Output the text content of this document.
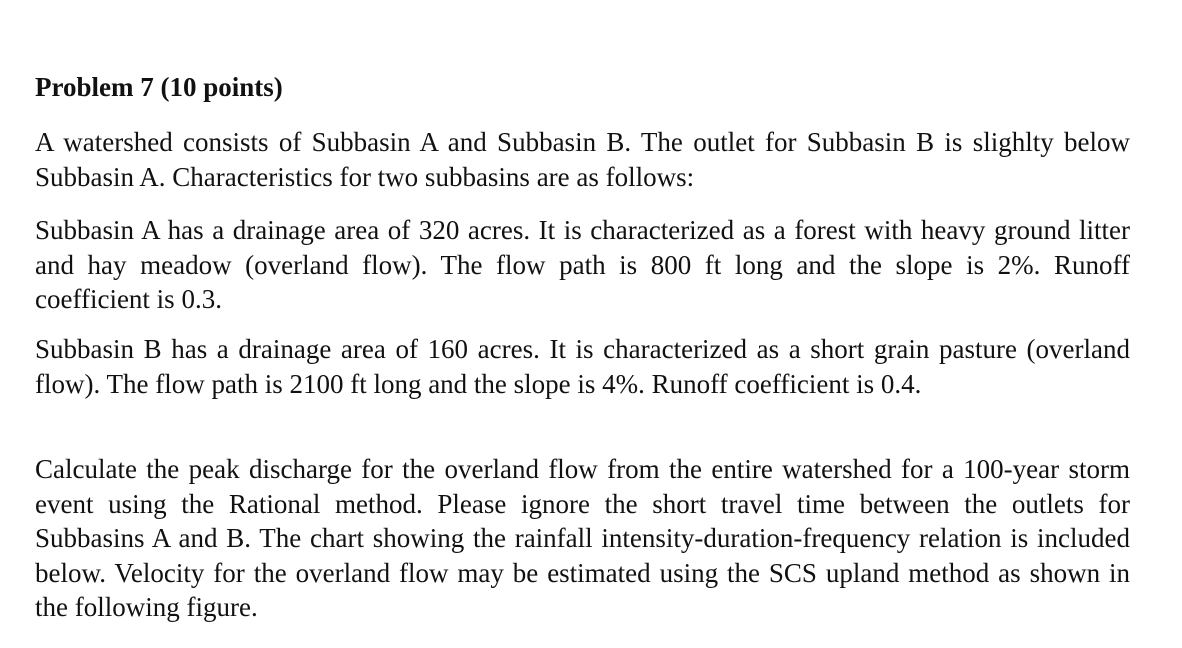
Problem 7 (10 points)

A watershed consists of Subbasin A and Subbasin B. The outlet for Subbasin B is slighlty below Subbasin A. Characteristics for two subbasins are as follows:

Subbasin A has a drainage area of 320 acres. It is characterized as a forest with heavy ground litter and hay meadow (overland flow). The flow path is 800 ft long and the slope is 2%. Runoff coefficient is 0.3.

Subbasin B has a drainage area of 160 acres. It is characterized as a short grain pasture (overland flow). The flow path is 2100 ft long and the slope is 4%. Runoff coefficient is 0.4.

Calculate the peak discharge for the overland flow from the entire watershed for a 100-year storm event using the Rational method. Please ignore the short travel time between the outlets for Subbasins A and B. The chart showing the rainfall intensity-duration-frequency relation is included below. Velocity for the overland flow may be estimated using the SCS upland method as shown in the following figure.
